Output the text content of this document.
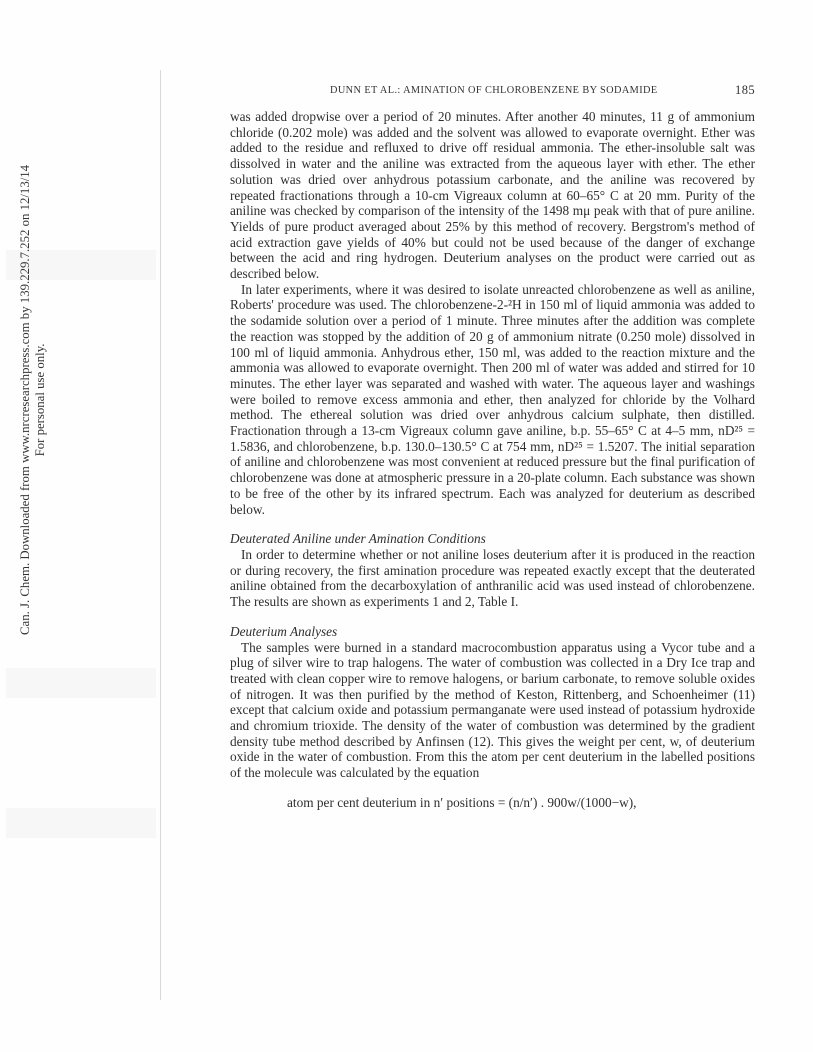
Can. J. Chem. Downloaded from www.nrcresearchpress.com by 139.229.7.252 on 12/13/14 For personal use only.
DUNN ET AL.: AMINATION OF CHLOROBENZENE BY SODAMIDE	185

was added dropwise over a period of 20 minutes. After another 40 minutes, 11 g of ammonium chloride (0.202 mole) was added and the solvent was allowed to evaporate overnight. Ether was added to the residue and refluxed to drive off residual ammonia. The ether-insoluble salt was dissolved in water and the aniline was extracted from the aqueous layer with ether. The ether solution was dried over anhydrous potassium carbonate, and the aniline was recovered by repeated fractionations through a 10-cm Vigreaux column at 60–65° C at 20 mm. Purity of the aniline was checked by comparison of the intensity of the 1498 mμ peak with that of pure aniline. Yields of pure product averaged about 25% by this method of recovery. Bergstrom's method of acid extraction gave yields of 40% but could not be used because of the danger of exchange between the acid and ring hydrogen. Deuterium analyses on the product were carried out as described below.

In later experiments, where it was desired to isolate unreacted chlorobenzene as well as aniline, Roberts' procedure was used. The chlorobenzene-2-²H in 150 ml of liquid ammonia was added to the sodamide solution over a period of 1 minute. Three minutes after the addition was complete the reaction was stopped by the addition of 20 g of ammonium nitrate (0.250 mole) dissolved in 100 ml of liquid ammonia. Anhydrous ether, 150 ml, was added to the reaction mixture and the ammonia was allowed to evaporate overnight. Then 200 ml of water was added and stirred for 10 minutes. The ether layer was separated and washed with water. The aqueous layer and washings were boiled to remove excess ammonia and ether, then analyzed for chloride by the Volhard method. The ethereal solution was dried over anhydrous calcium sulphate, then distilled. Fractionation through a 13-cm Vigreaux column gave aniline, b.p. 55–65° C at 4–5 mm, nD²⁵ = 1.5836, and chlorobenzene, b.p. 130.0–130.5° C at 754 mm, nD²⁵ = 1.5207. The initial separation of aniline and chlorobenzene was most convenient at reduced pressure but the final purification of chlorobenzene was done at atmospheric pressure in a 20-plate column. Each substance was shown to be free of the other by its infrared spectrum. Each was analyzed for deuterium as described below.

Deuterated Aniline under Amination Conditions

In order to determine whether or not aniline loses deuterium after it is produced in the reaction or during recovery, the first amination procedure was repeated exactly except that the deuterated aniline obtained from the decarboxylation of anthranilic acid was used instead of chlorobenzene. The results are shown as experiments 1 and 2, Table I.

Deuterium Analyses

The samples were burned in a standard macrocombustion apparatus using a Vycor tube and a plug of silver wire to trap halogens. The water of combustion was collected in a Dry Ice trap and treated with clean copper wire to remove halogens, or barium carbonate, to remove soluble oxides of nitrogen. It was then purified by the method of Keston, Rittenberg, and Schoenheimer (11) except that calcium oxide and potassium permanganate were used instead of potassium hydroxide and chromium trioxide. The density of the water of combustion was determined by the gradient density tube method described by Anfinsen (12). This gives the weight per cent, w, of deuterium oxide in the water of combustion. From this the atom per cent deuterium in the labelled positions of the molecule was calculated by the equation

atom per cent deuterium in n′ positions = (n/n′) . 900w/(1000−w),
